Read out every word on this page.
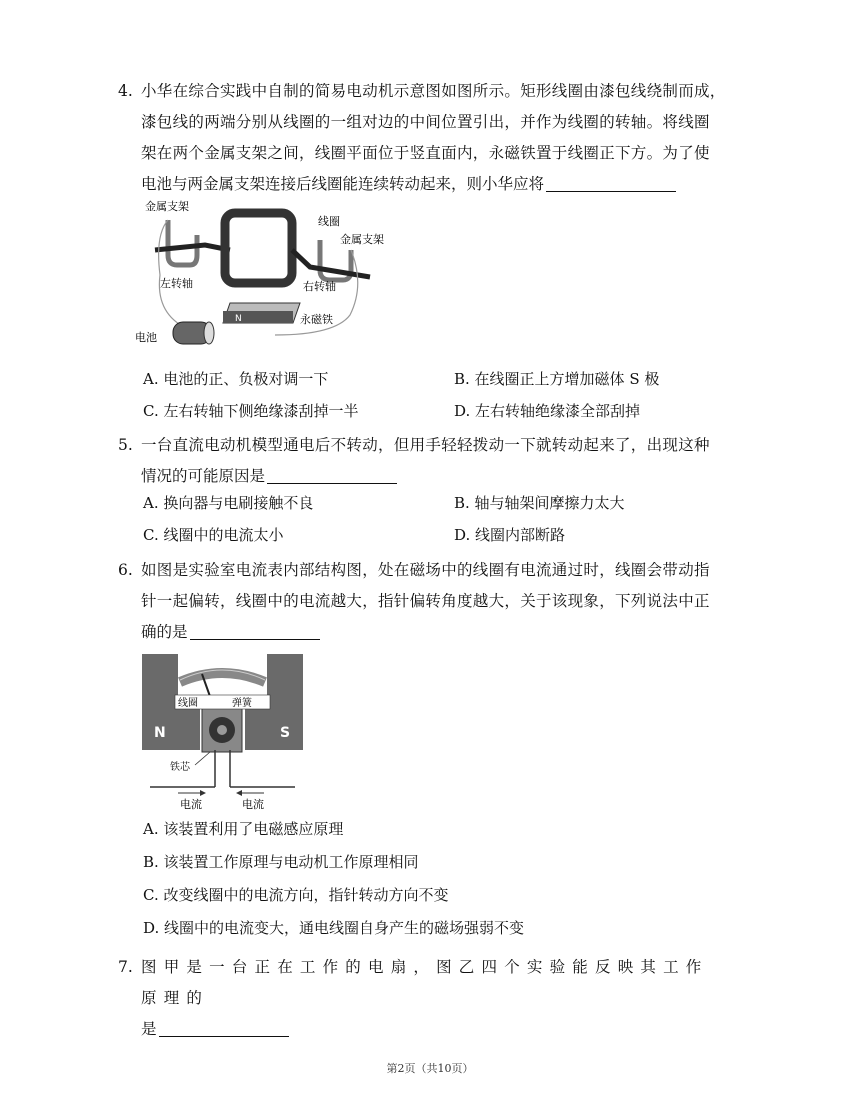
4. 小华在综合实践中自制的简易电动机示意图如图所示。矩形线圈由漆包线绕制而成，
漆包线的两端分别从线圈的一组对边的中间位置引出，并作为线圈的转轴。将线圈
架在两个金属支架之间，线圈平面位于竖直面内，永磁铁置于线圈正下方。为了使
电池与两金属支架连接后线圈能连续转动起来，则小华应将
N
金属支架
线圈
金属支架
左转轴	右转轴
永磁铁
电池
A. 电池的正、负极对调一下	B. 在线圈正上方增加磁体 S 极
C. 左右转轴下侧绝缘漆刮掉一半	D. 左右转轴绝缘漆全部刮掉
5. 一台直流电动机模型通电后不转动，但用手轻轻拨动一下就转动起来了，出现这种
情况的可能原因是
A. 换向器与电刷接触不良	B. 轴与轴架间摩擦力太大
C. 线圈中的电流太小	D. 线圈内部断路
6. 如图是实验室电流表内部结构图，处在磁场中的线圈有电流通过时，线圈会带动指
针一起偏转，线圈中的电流越大，指针偏转角度越大，关于该现象，下列说法中正
确的是
线圈	弹簧
N	S
铁芯
电流	电流
A. 该装置利用了电磁感应原理
B. 该装置工作原理与电动机工作原理相同
C. 改变线圈中的电流方向，指针转动方向不变
D. 线圈中的电流变大，通电线圈自身产生的磁场强弱不变
7. 图甲是一台正在工作的电扇，图乙四个实验能反映其工作原理的
是
第2页（共10页）
